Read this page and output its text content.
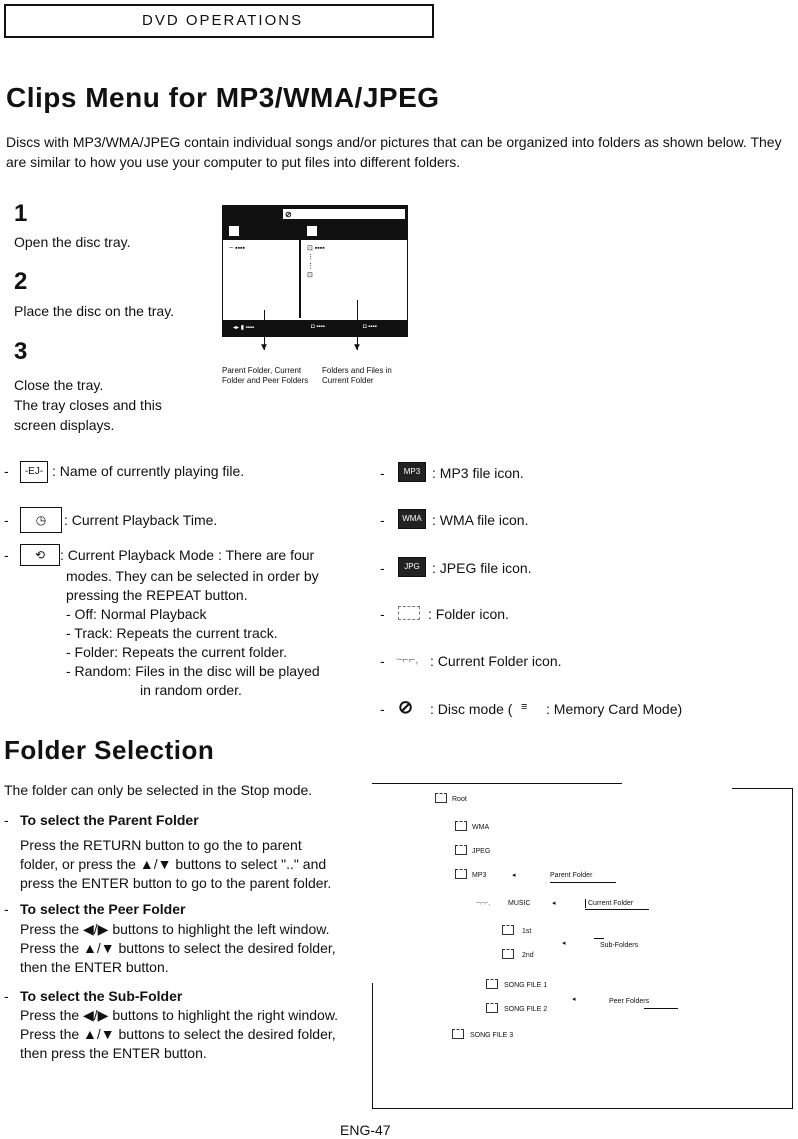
DVD OPERATIONS
Clips Menu for MP3/WMA/JPEG
Discs with MP3/WMA/JPEG contain individual songs and/or pictures that can be organized into folders as shown below. They are similar to how you use your computer to put files into different folders.
1
Open the disc tray.
2
Place the disc on the tray.
3
Close the tray.
The tray closes and this
screen displays.
⊘
~ ▪▪▪▪	⊡ ▪▪▪▪
⋮
⋮
⊡
◂▸ ▮ ▪▪▪▪	◘ ▪▪▪▪	◘ ▪▪▪▪
▼	▼
Parent Folder, Current Folder and Peer Folders
Folders and Files in Current Folder
-	-EJ- : Name of currently playing file.
-	◷	: Current Playback Time.
-	⟲	: Current Playback Mode : There are four
modes. They can be selected in order by
pressing the REPEAT button.
- Off: Normal Playback
- Track: Repeats the current track.
- Folder: Repeats the current folder.
- Random: Files in the disc will be played
in random order.
-	MP3 : MP3 file icon.
-	WMA : WMA file icon.
-	JPG : JPEG file icon.
-	: Folder icon.
- ~⌐⌐, : Current Folder icon.
- ⊘ : Disc mode ( ≡ : Memory Card Mode)
Folder Selection
The folder can only be selected in the Stop mode.
- To select the Parent Folder
Press the RETURN button to go the to parent
folder, or press the ▲/▼ buttons to select ".." and
press the ENTER button to go to the parent folder.
- To select the Peer Folder
Press the ◀/▶ buttons to highlight the left window.
Press the ▲/▼ buttons to select the desired folder,
then the ENTER button.
- To select the Sub-Folder
Press the ◀/▶ buttons to highlight the right window.
Press the ▲/▼ buttons to select the desired folder,
then press the ENTER button.
Root
WMA
JPEG
MP3	◂	Parent Folder
~⌐⌐,	MUSIC	◂	Current Folder
1st
2nd
◂	Sub-Folders
SONG FILE 1
SONG FILE 2
◂	Peer Folders
SONG FILE 3
ENG-47
